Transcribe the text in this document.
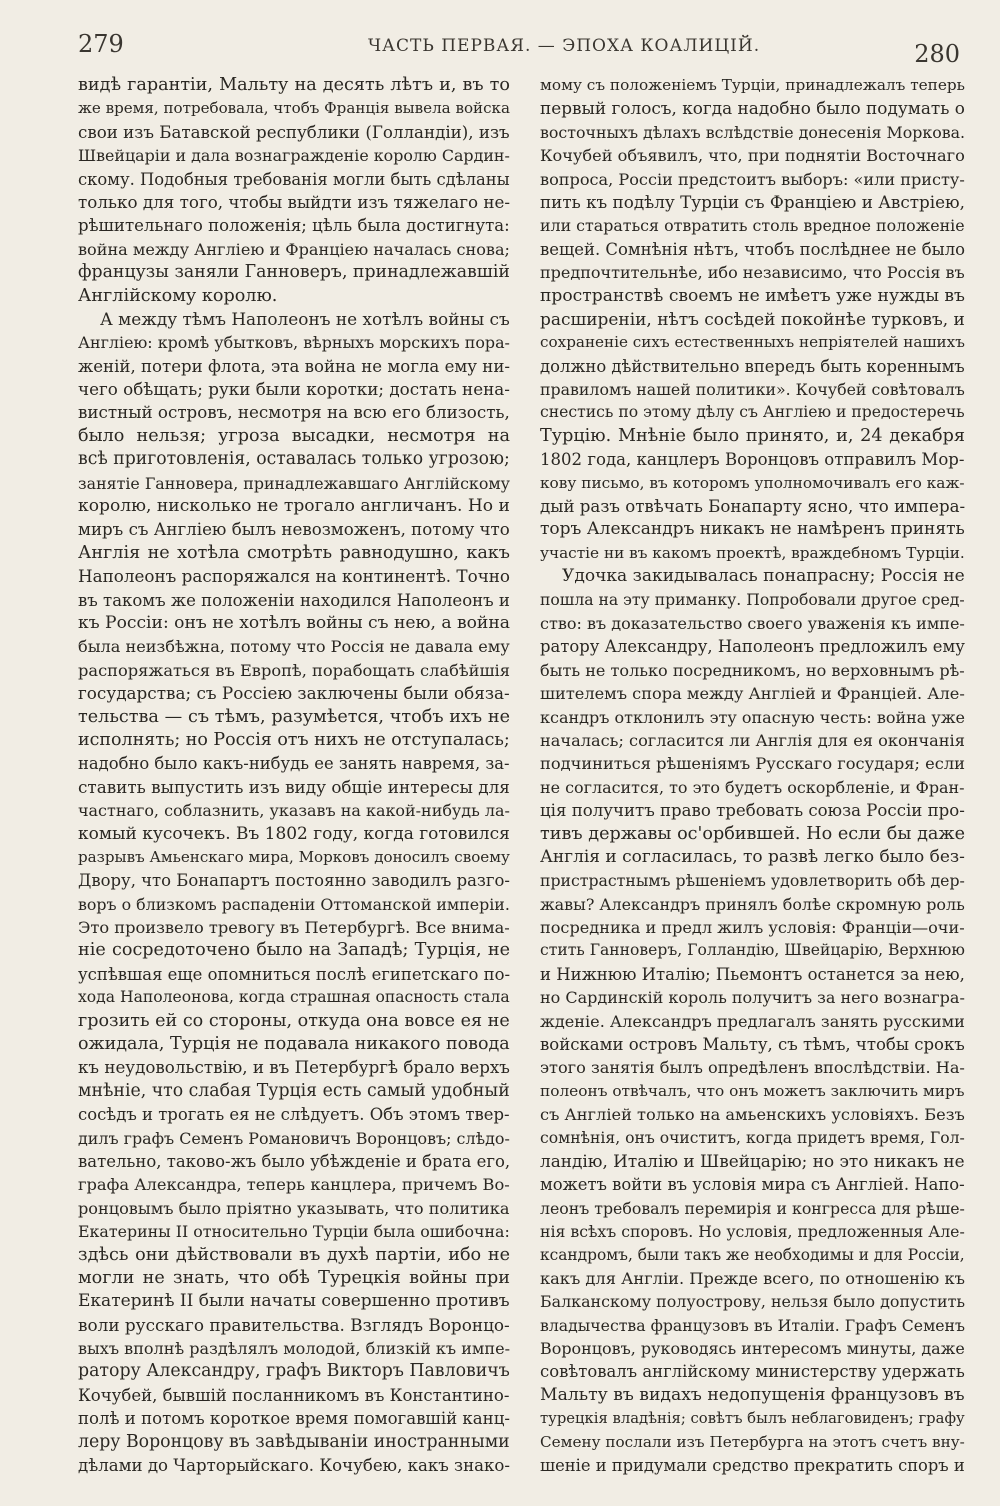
279	ЧАСТЬ ПЕРВАЯ. — ЭПОХА КОАЛИЦІЙ.	280
видѣ гарантіи, Мальту на десять лѣтъ и, въ то
же время, потребовала, чтобъ Франція вывела войска
свои изъ Батавской республики (Голландіи), изъ
Швейцаріи и дала вознагражденіе королю Сардин-
скому. Подобныя требованія могли быть сдѣланы
только для того, чтобы выйдти изъ тяжелаго не-
рѣшительнаго положенія; цѣль была достигнута:
война между Англіею и Франціею началась снова;
французы заняли Ганноверъ, принадлежавшій
Англійскому королю.
А между тѣмъ Наполеонъ не хотѣлъ войны съ
Англіею: кромѣ убытковъ, вѣрныхъ морскихъ пора-
женій, потери флота, эта война не могла ему ни-
чего обѣщать; руки были коротки; достать ненa-
вистный островъ, несмотря на всю его близость,
было нельзя; угроза высадки, несмотря на
всѣ приготовленія, оставалась только угрозою;
занятіе Ганновера, принадлежавшаго Англійскому
королю, нисколько не трогало англичанъ. Но и
миръ съ Англіею былъ невозможенъ, потому что
Англія не хотѣла смотрѣть равнодушно, какъ
Наполеонъ распоряжался на континентѣ. Точно
въ такомъ же положеніи находился Наполеонъ и
къ Россіи: онъ не хотѣлъ войны съ нею, а война
была неизбѣжна, потому что Россія не давала ему
распоряжаться въ Европѣ, порабощать слабѣйшія
государства; съ Россіею заключены были обяза-
тельства — съ тѣмъ, разумѣется, чтобъ ихъ не
исполнять; но Россія отъ нихъ не отступалась;
надобно было какъ-нибудь ее занять навремя, за-
ставить выпустить изъ виду общіе интересы для
частнаго, соблазнить, указавъ на какой-нибудь ла-
комый кусочекъ. Въ 1802 году, когда готовился
разрывъ Амьенскаго мира, Морковъ доносилъ своему
Двору, что Бонапартъ постоянно заводилъ разго-
воръ о близкомъ распаденіи Оттоманской имперіи.
Это произвело тревогу въ Петербургѣ. Все внима-
ніе сосредоточено было на Западѣ; Турція, не
успѣвшая еще опомниться послѣ египетскаго по-
хода Наполеонова, когда страшная опасность стала
грозить ей со стороны, откуда она вовсе ея не
ожидала, Турція не подавала никакого повода
къ неудовольствію, и въ Петербургѣ брало верхъ
мнѣніе, что слабая Турція есть самый удобный
сосѣдъ и трогать ея не слѣдуетъ. Объ этомъ твер-
дилъ графъ Семенъ Романовичъ Воронцовъ; слѣдо-
вательно, таково-жъ было убѣжденіе и брата его,
графа Александра, теперь канцлера, причемъ Во-
ронцовымъ было пріятно указывать, что политика
Екатерины II относительно Турціи была ошибочна:
здѣсь они дѣйствовали въ духѣ партіи, ибо не
могли не знать, что обѣ Турецкія войны при
Екатеринѣ II были начаты совершенно противъ
воли русскаго правительства. Взглядъ Воронцо-
выхъ вполнѣ раздѣлялъ молодой, близкій къ импе-
ратору Александру, графъ Викторъ Павловичъ
Кочубей, бывшій посланникомъ въ Константино-
полѣ и потомъ короткое время помогавшій канц-
леру Воронцову въ завѣдываніи иностранными
дѣлами до Чарторыйскаго. Кочубею, какъ знако-
мому съ положеніемъ Турціи, принадлежалъ теперь
первый голосъ, когда надобно было подумать о
восточныхъ дѣлахъ вслѣдствіе донесенія Моркова.
Кочубей объявилъ, что, при поднятіи Восточнаго
вопроса, Россіи предстоитъ выборъ: «или присту-
пить къ подѣлу Турціи съ Франціею и Австріею,
или стараться отвратить столь вредное положеніе
вещей. Сомнѣнія нѣтъ, чтобъ послѣднее не было
предпочтительнѣе, ибо независимо, что Россія въ
пространствѣ своемъ не имѣетъ уже нужды въ
расширеніи, нѣтъ сосѣдей покойнѣе турковъ, и
сохраненіе сихъ естественныхъ непріятелей нашихъ
должно дѣйствительно впередъ быть кореннымъ
правиломъ нашей политики». Кочубей совѣтовалъ
снестись по этому дѣлу съ Англіею и предостеречь
Турцію. Мнѣніе было принято, и, 24 декабря
1802 года, канцлеръ Воронцовъ отправилъ Мор-
кову письмо, въ которомъ уполномочивалъ его каж-
дый разъ отвѣчать Бонапарту ясно, что импера-
торъ Александръ никакъ не намѣренъ принять
участіе ни въ какомъ проектѣ, враждебномъ Турціи.
Удочка закидывалась понапрасну; Россія не
пошла на эту приманку. Попробовали другое сред-
ство: въ доказательство своего уваженія къ импе-
ратору Александру, Наполеонъ предложилъ ему
быть не только посредникомъ, но верховнымъ рѣ-
шителемъ спора между Англіей и Франціей. Але-
ксандръ отклонилъ эту опасную честь: война уже
началась; согласится ли Англія для ея окончанія
подчиниться рѣшеніямъ Русскаго государя; если
не согласится, то это будетъ оскорбленіе, и Фран-
ція получитъ право требовать союза Россіи про-
тивъ державы ос'орбившей. Но если бы даже
Англія и согласилась, то развѣ легко было без-
пристрастнымъ рѣшеніемъ удовлетворить обѣ дер-
жавы? Александръ принялъ болѣе скромную роль
посредника и предл жилъ условія: Франціи—очи-
стить Ганноверъ, Голландію, Швейцарію, Верхнюю
и Нижнюю Италію; Пьемонтъ останется за нею,
но Сардинскій король получитъ за него вознагра-
жденіе. Александръ предлагалъ занять русскими
войсками островъ Мальту, съ тѣмъ, чтобы срокъ
этого занятія былъ опредѣленъ впослѣдствіи. На-
полеонъ отвѣчалъ, что онъ можетъ заключить миръ
съ Англіей только на амьенскихъ условіяхъ. Безъ
сомнѣнія, онъ очиститъ, когда придетъ время, Гол-
ландію, Италію и Швейцарію; но это никакъ не
можетъ войти въ условія мира съ Англіей. Напо-
леонъ требовалъ перемирія и конгресса для рѣше-
нія всѣхъ споровъ. Но условія, предложенныя Але-
ксандромъ, были такъ же необходимы и для Россіи,
какъ для Англіи. Прежде всего, по отношенію къ
Балканскому полуострову, нельзя было допустить
владычества французовъ въ Италіи. Графъ Семенъ
Воронцовъ, руководясь интересомъ минуты, даже
совѣтовалъ англійскому министерству удержать
Мальту въ видахъ недопущенія французовъ въ
турецкія владѣнія; совѣтъ былъ неблаговиденъ; графу
Семену послали изъ Петербурга на этотъ счетъ вну-
шеніе и придумали средство прекратить споръ и
